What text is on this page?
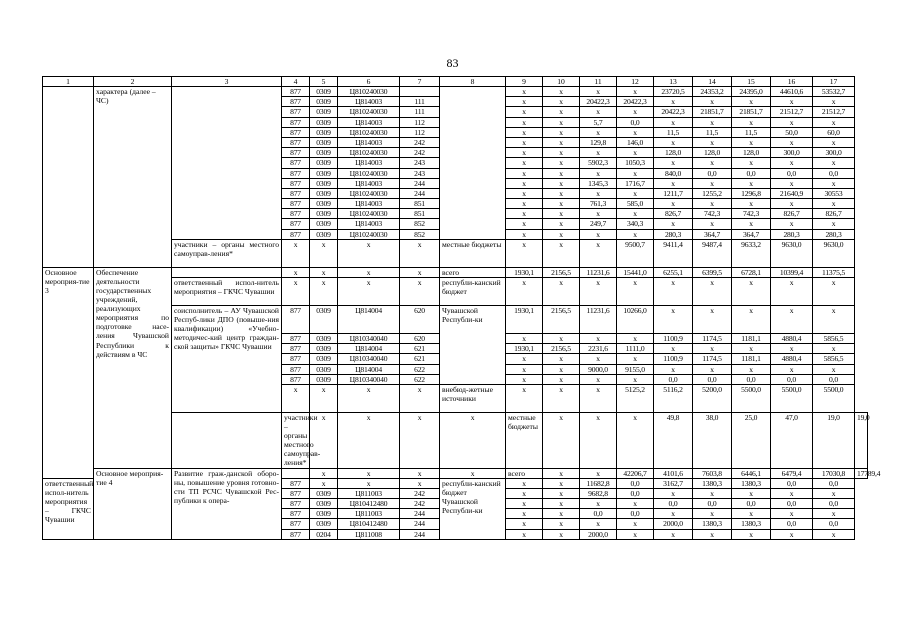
83
1	2	3	4	5	6	7	8	9	10	11	12	13	14	15	16	17	
	характера (далее – ЧС)		877	0309	Ц810240030			x	x	x	x	23720,5	24353,2	24395,0	44610,6	53532,7	
			877	0309	Ц814003	111		x	x	20422,3	20422,3	x	x	x	x	x	
			877	0309	Ц810240030	111		x	x	x	x	20422,3	21851,7	21851,7	21512,7	21512,7	
			877	0309	Ц814003	112		x	x	5,7	0,0	x	x	x	x	x	
			877	0309	Ц810240030	112		x	x	x	x	11,5	11,5	11,5	50,0	60,0	
			877	0309	Ц814003	242		x	x	129,8	146,0	x	x	x	x	x	
			877	0309	Ц810240030	242		x	x	x	x	128,0	128,0	128,0	300,0	300,0	
			877	0309	Ц814003	243		x	x	5902,3	1050,3	x	x	x	x	x	
			877	0309	Ц810240030	243		x	x	x	x	840,0	0,0	0,0	0,0	0,0	
			877	0309	Ц814003	244		x	x	1345,3	1716,7	x	x	x	x	x	
			877	0309	Ц810240030	244		x	x	x	x	1211,7	1255,2	1296,8	21640,9	30553	
			877	0309	Ц814003	851		x	x	761,3	585,0	x	x	x	x	x	
			877	0309	Ц810240030	851		x	x	x	x	826,7	742,3	742,3	826,7	826,7	
			877	0309	Ц814003	852		x	x	249,7	340,3	x	x	x	x	x	
			877	0309	Ц810240030	852		x	x	x	x	280,3	364,7	364,7	280,3	280,3	
		участники – органы местного самоуправ-ления*	x	x	x	x	местные бюджеты	x	x	x	9500,7	9411,4	9487,4	9633,2	9630,0	9630,0	
Основное мероприя-тие 3	Обеспечение деятельности государственных учреждений, реализующих мероприятия по подготовке насе-ления Чувашской Республики к действиям в ЧС		x	x	x	x	всего	1930,1	2156,5	11231,6	15441,0	6255,1	6399,5	6728,1	10399,4	11375,5	
		ответственный испол-нитель мероприятия – ГКЧС Чувашии	x	x	x	x	республи-канский бюджет	x	x	x	x	x	x	x	x	x	
		соисполнитель – АУ Чувашской Респуб-лики ДПО (повыше-ния квалификации) «Учебно-методичес-кий центр граждан-ской защиты» ГКЧС Чувашии	877	0309	Ц814004	620	Чувашской Республи-ки	1930,1	2156,5	11231,6	10266,0	x	x	x	x	x	
			877	0309	Ц810340040	620		x	x	x	x	1100,9	1174,5	1181,1	4880,4	5856,5	
			877	0309	Ц814004	621		1930,1	2156,5	2231,6	1111,0	x	x	x	x	x	
			877	0309	Ц810340040	621		x	x	x	x	1100,9	1174,5	1181,1	4880,4	5856,5	
			877	0309	Ц814004	622		x	x	9000,0	9155,0	x	x	x	x	x	
			877	0309	Ц810340040	622		x	x	x	x	0,0	0,0	0,0	0,0	0,0	
			x	x	x	x	внебюд-жетные источники	x	x	x	5125,2	5116,2	5200,0	5500,0	5500,0	5500,0	
			участники – органы местного самоуправ-ления*	x	x	x	x	местные бюджеты	x	x	x	49,8	38,0	25,0	47,0	19,0	19,0
	Основное мероприя-тие 4	Развитие граж-данской оборо-ны, повышение уровня готовно-сти ТП РСЧС Чувашской Рес-публики к опера-		x	x	x	x	всего	x	x	42206,7	4101,6	7603,8	6446,1	6479,4	17030,8	17789,4
ответственный испол-нитель мероприятия – ГКЧС Чувашии			877	x	x	x	республи-канский бюджет Чувашской Республи-ки	x	x	11682,8	0,0	3162,7	1380,3	1380,3	0,0	0,0	
			877	0309	Ц811003	242		x	x	9682,8	0,0	x	x	x	x	x	
			877	0309	Ц810412480	242		x	x	x	x	0,0	0,0	0,0	0,0	0,0	
			877	0309	Ц811003	244		x	x	0,0	0,0	x	x	x	x	x	
			877	0309	Ц810412480	244		x	x	x	x	2000,0	1380,3	1380,3	0,0	0,0	
			877	0204	Ц811008	244		x	x	2000,0	x	x	x	x	x	x	
